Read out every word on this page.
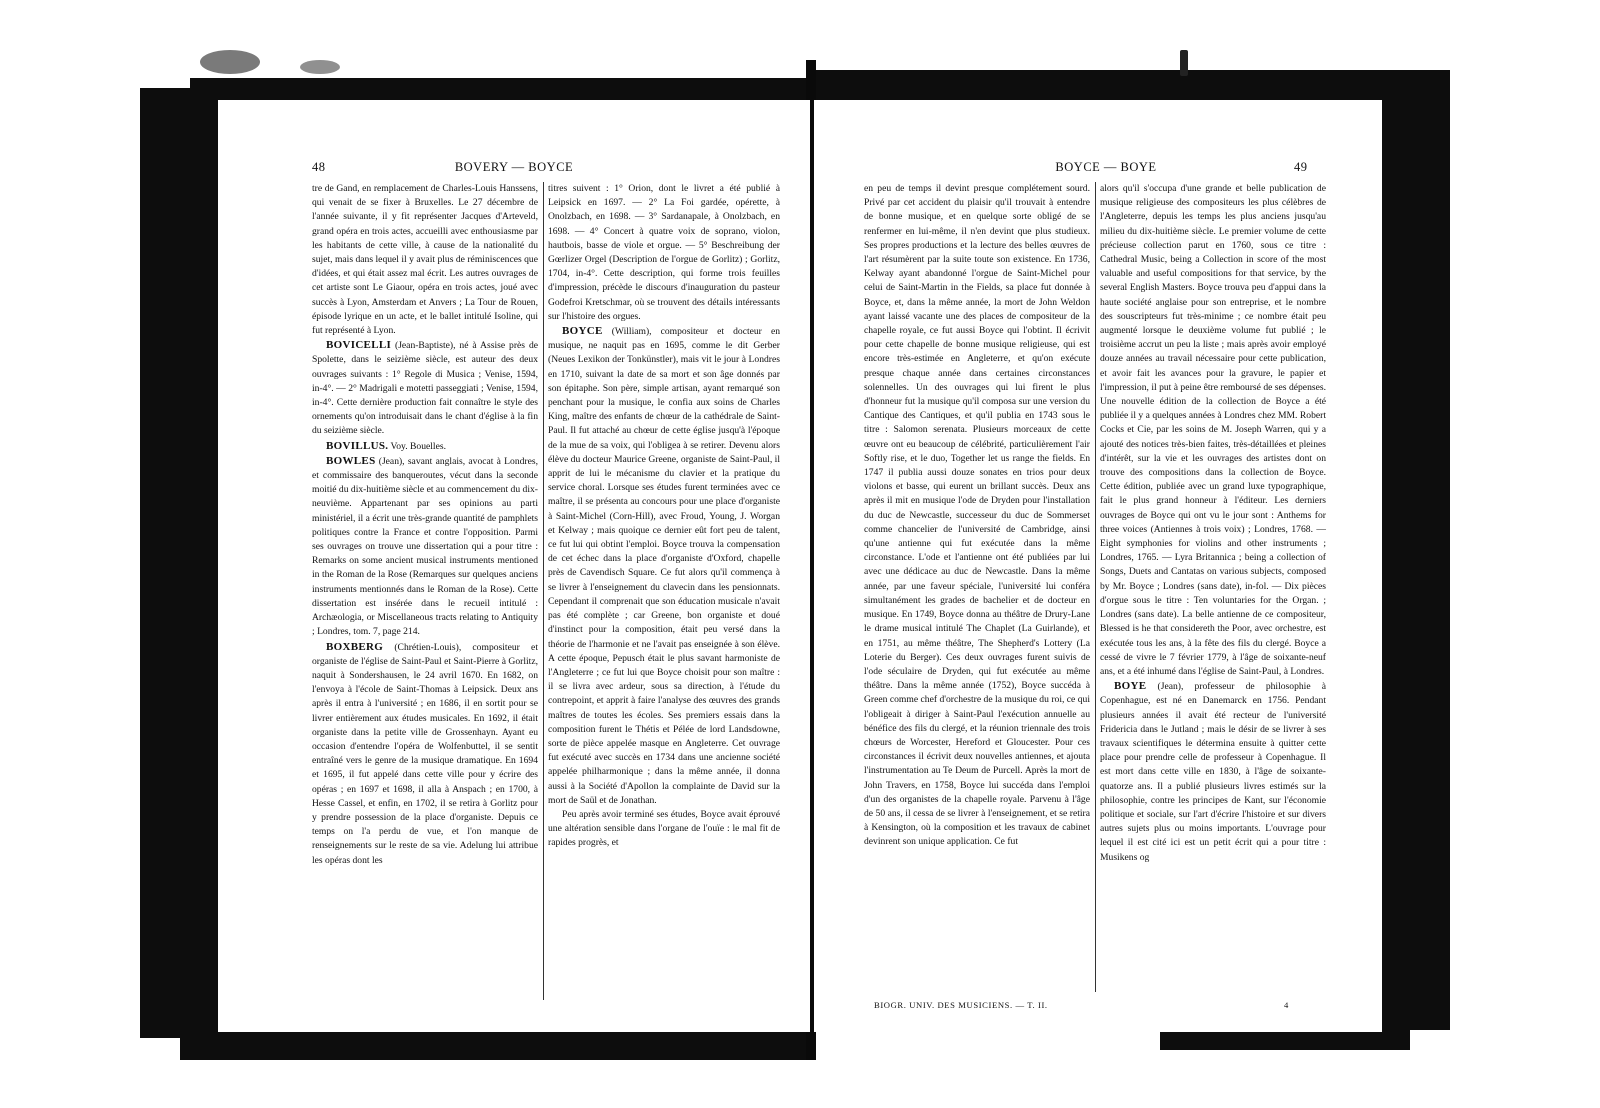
48	BOVERY — BOYCE

tre de Gand, en remplacement de Charles-Louis Hanssens, qui venait de se fixer à Bruxelles. Le 27 décembre de l'année suivante, il y fit représenter Jacques d'Arteveld, grand opéra en trois actes, accueilli avec enthousiasme par les habitants de cette ville, à cause de la nationalité du sujet, mais dans lequel il y avait plus de réminiscences que d'idées, et qui était assez mal écrit. Les autres ouvrages de cet artiste sont Le Giaour, opéra en trois actes, joué avec succès à Lyon, Amsterdam et Anvers ; La Tour de Rouen, épisode lyrique en un acte, et le ballet intitulé Isoline, qui fut représenté à Lyon.

BOVICELLI (Jean-Baptiste), né à Assise près de Spolette, dans le seizième siècle, est auteur des deux ouvrages suivants : 1° Regole di Musica ; Venise, 1594, in-4°. — 2° Madrigali e motetti passeggiati ; Venise, 1594, in-4°. Cette dernière production fait connaître le style des ornements qu'on introduisait dans le chant d'église à la fin du seizième siècle.

BOVILLUS. Voy. Bouelles.

BOWLES (Jean), savant anglais, avocat à Londres, et commissaire des banqueroutes, vécut dans la seconde moitié du dix-huitième siècle et au commencement du dix-neuvième. Appartenant par ses opinions au parti ministériel, il a écrit une très-grande quantité de pamphlets politiques contre la France et contre l'opposition. Parmi ses ouvrages on trouve une dissertation qui a pour titre : Remarks on some ancient musical instruments mentioned in the Roman de la Rose (Remarques sur quelques anciens instruments mentionnés dans le Roman de la Rose). Cette dissertation est insérée dans le recueil intitulé : Archæologia, or Miscellaneous tracts relating to Antiquity ; Londres, tom. 7, page 214.

BOXBERG (Chrétien-Louis), compositeur et organiste de l'église de Saint-Paul et Saint-Pierre à Gorlitz, naquit à Sondershausen, le 24 avril 1670. En 1682, on l'envoya à l'école de Saint-Thomas à Leipsick. Deux ans après il entra à l'université ; en 1686, il en sortit pour se livrer entièrement aux études musicales. En 1692, il était organiste dans la petite ville de Grossenhayn. Ayant eu occasion d'entendre l'opéra de Wolfenbuttel, il se sentit entraîné vers le genre de la musique dramatique. En 1694 et 1695, il fut appelé dans cette ville pour y écrire des opéras ; en 1697 et 1698, il alla à Anspach ; en 1700, à Hesse Cassel, et enfin, en 1702, il se retira à Gorlitz pour y prendre possession de la place d'organiste. Depuis ce temps on l'a perdu de vue, et l'on manque de renseignements sur le reste de sa vie. Adelung lui attribue les opéras dont les

titres suivent : 1° Orion, dont le livret a été publié à Leipsick en 1697. — 2° La Foi gardée, opérette, à Onolzbach, en 1698. — 3° Sardanapale, à Onolzbach, en 1698. — 4° Concert à quatre voix de soprano, violon, hautbois, basse de viole et orgue. — 5° Beschreibung der Gœrlizer Orgel (Description de l'orgue de Gorlitz) ; Gorlitz, 1704, in-4°. Cette description, qui forme trois feuilles d'impression, précède le discours d'inauguration du pasteur Godefroi Kretschmar, où se trouvent des détails intéressants sur l'histoire des orgues.

BOYCE (William), compositeur et docteur en musique, ne naquit pas en 1695, comme le dit Gerber (Neues Lexikon der Tonkünstler), mais vit le jour à Londres en 1710, suivant la date de sa mort et son âge donnés par son épitaphe. Son père, simple artisan, ayant remarqué son penchant pour la musique, le confia aux soins de Charles King, maître des enfants de chœur de la cathédrale de Saint-Paul. Il fut attaché au chœur de cette église jusqu'à l'époque de la mue de sa voix, qui l'obligea à se retirer. Devenu alors élève du docteur Maurice Greene, organiste de Saint-Paul, il apprit de lui le mécanisme du clavier et la pratique du service choral. Lorsque ses études furent terminées avec ce maître, il se présenta au concours pour une place d'organiste à Saint-Michel (Corn-Hill), avec Froud, Young, J. Worgan et Kelway ; mais quoique ce dernier eût fort peu de talent, ce fut lui qui obtint l'emploi. Boyce trouva la compensation de cet échec dans la place d'organiste d'Oxford, chapelle près de Cavendisch Square. Ce fut alors qu'il commença à se livrer à l'enseignement du clavecin dans les pensionnats. Cependant il comprenait que son éducation musicale n'avait pas été complète ; car Greene, bon organiste et doué d'instinct pour la composition, était peu versé dans la théorie de l'harmonie et ne l'avait pas enseignée à son élève. A cette époque, Pepusch était le plus savant harmoniste de l'Angleterre ; ce fut lui que Boyce choisit pour son maître : il se livra avec ardeur, sous sa direction, à l'étude du contrepoint, et apprit à faire l'analyse des œuvres des grands maîtres de toutes les écoles. Ses premiers essais dans la composition furent le Thétis et Pélée de lord Landsdowne, sorte de pièce appelée masque en Angleterre. Cet ouvrage fut exécuté avec succès en 1734 dans une ancienne société appelée philharmonique ; dans la même année, il donna aussi à la Société d'Apollon la complainte de David sur la mort de Saül et de Jonathan.

Peu après avoir terminé ses études, Boyce avait éprouvé une altération sensible dans l'organe de l'ouïe : le mal fit de rapides progrès, et

BOYCE — BOYE	49

en peu de temps il devint presque complétement sourd. Privé par cet accident du plaisir qu'il trouvait à entendre de bonne musique, et en quelque sorte obligé de se renfermer en lui-même, il n'en devint que plus studieux. Ses propres productions et la lecture des belles œuvres de l'art résumèrent par la suite toute son existence. En 1736, Kelway ayant abandonné l'orgue de Saint-Michel pour celui de Saint-Martin in the Fields, sa place fut donnée à Boyce, et, dans la même année, la mort de John Weldon ayant laissé vacante une des places de compositeur de la chapelle royale, ce fut aussi Boyce qui l'obtint. Il écrivit pour cette chapelle de bonne musique religieuse, qui est encore très-estimée en Angleterre, et qu'on exécute presque chaque année dans certaines circonstances solennelles. Un des ouvrages qui lui firent le plus d'honneur fut la musique qu'il composa sur une version du Cantique des Cantiques, et qu'il publia en 1743 sous le titre : Salomon serenata. Plusieurs morceaux de cette œuvre ont eu beaucoup de célébrité, particulièrement l'air Softly rise, et le duo, Together let us range the fields. En 1747 il publia aussi douze sonates en trios pour deux violons et basse, qui eurent un brillant succès. Deux ans après il mit en musique l'ode de Dryden pour l'installation du duc de Newcastle, successeur du duc de Sommerset comme chancelier de l'université de Cambridge, ainsi qu'une antienne qui fut exécutée dans la même circonstance. L'ode et l'antienne ont été publiées par lui avec une dédicace au duc de Newcastle. Dans la même année, par une faveur spéciale, l'université lui conféra simultanément les grades de bachelier et de docteur en musique. En 1749, Boyce donna au théâtre de Drury-Lane le drame musical intitulé The Chaplet (La Guirlande), et en 1751, au même théâtre, The Shepherd's Lottery (La Loterie du Berger). Ces deux ouvrages furent suivis de l'ode séculaire de Dryden, qui fut exécutée au même théâtre. Dans la même année (1752), Boyce succéda à Green comme chef d'orchestre de la musique du roi, ce qui l'obligeait à diriger à Saint-Paul l'exécution annuelle au bénéfice des fils du clergé, et la réunion triennale des trois chœurs de Worcester, Hereford et Gloucester. Pour ces circonstances il écrivit deux nouvelles antiennes, et ajouta l'instrumentation au Te Deum de Purcell. Après la mort de John Travers, en 1758, Boyce lui succéda dans l'emploi d'un des organistes de la chapelle royale. Parvenu à l'âge de 50 ans, il cessa de se livrer à l'enseignement, et se retira à Kensington, où la composition et les travaux de cabinet devinrent son unique application. Ce fut

alors qu'il s'occupa d'une grande et belle publication de musique religieuse des compositeurs les plus célèbres de l'Angleterre, depuis les temps les plus anciens jusqu'au milieu du dix-huitième siècle. Le premier volume de cette précieuse collection parut en 1760, sous ce titre : Cathedral Music, being a Collection in score of the most valuable and useful compositions for that service, by the several English Masters. Boyce trouva peu d'appui dans la haute société anglaise pour son entreprise, et le nombre des souscripteurs fut très-minime ; ce nombre était peu augmenté lorsque le deuxième volume fut publié ; le troisième accrut un peu la liste ; mais après avoir employé douze années au travail nécessaire pour cette publication, et avoir fait les avances pour la gravure, le papier et l'impression, il put à peine être remboursé de ses dépenses. Une nouvelle édition de la collection de Boyce a été publiée il y a quelques années à Londres chez MM. Robert Cocks et Cie, par les soins de M. Joseph Warren, qui y a ajouté des notices très-bien faites, très-détaillées et pleines d'intérêt, sur la vie et les ouvrages des artistes dont on trouve des compositions dans la collection de Boyce. Cette édition, publiée avec un grand luxe typographique, fait le plus grand honneur à l'éditeur. Les derniers ouvrages de Boyce qui ont vu le jour sont : Anthems for three voices (Antiennes à trois voix) ; Londres, 1768. — Eight symphonies for violins and other instruments ; Londres, 1765. — Lyra Britannica ; being a collection of Songs, Duets and Cantatas on various subjects, composed by Mr. Boyce ; Londres (sans date), in-fol. — Dix pièces d'orgue sous le titre : Ten voluntaries for the Organ. ; Londres (sans date). La belle antienne de ce compositeur, Blessed is he that considereth the Poor, avec orchestre, est exécutée tous les ans, à la fête des fils du clergé. Boyce a cessé de vivre le 7 février 1779, à l'âge de soixante-neuf ans, et a été inhumé dans l'église de Saint-Paul, à Londres.

BOYE (Jean), professeur de philosophie à Copenhague, est né en Danemarck en 1756. Pendant plusieurs années il avait été recteur de l'université Fridericia dans le Jutland ; mais le désir de se livrer à ses travaux scientifiques le détermina ensuite à quitter cette place pour prendre celle de professeur à Copenhague. Il est mort dans cette ville en 1830, à l'âge de soixante-quatorze ans. Il a publié plusieurs livres estimés sur la philosophie, contre les principes de Kant, sur l'économie politique et sociale, sur l'art d'écrire l'histoire et sur divers autres sujets plus ou moins importants. L'ouvrage pour lequel il est cité ici est un petit écrit qui a pour titre : Musikens og

BIOGR. UNIV. DES MUSICIENS. — T. II.	4
